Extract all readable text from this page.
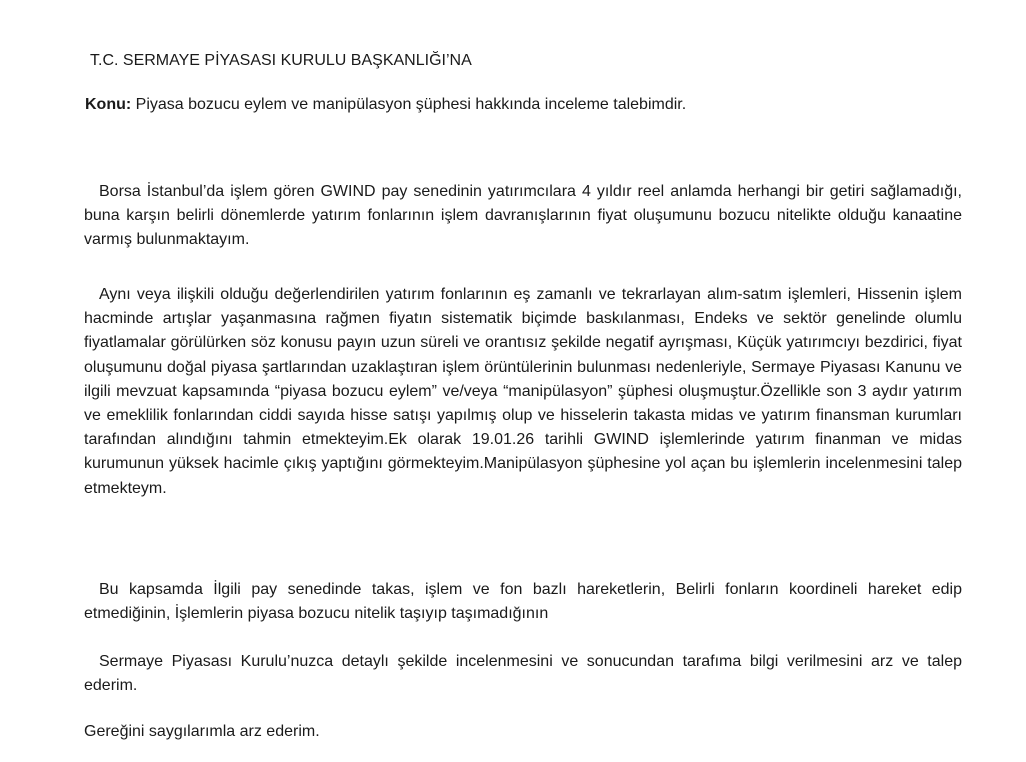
T.C. SERMAYE PİYASASI KURULU BAŞKANLIĞI’NA
Konu: Piyasa bozucu eylem ve manipülasyon şüphesi hakkında inceleme talebimdir.

Borsa İstanbul’da işlem gören GWIND pay senedinin yatırımcılara 4 yıldır reel anlamda herhangi bir getiri sağlamadığı, buna karşın belirli dönemlerde yatırım fonlarının işlem davranışlarının fiyat oluşumunu bozucu nitelikte olduğu kanaatine varmış bulunmaktayım.

Aynı veya ilişkili olduğu değerlendirilen yatırım fonlarının eş zamanlı ve tekrarlayan alım-satım işlemleri, Hissenin işlem hacminde artışlar yaşanmasına rağmen fiyatın sistematik biçimde baskılanması, Endeks ve sektör genelinde olumlu fiyatlamalar görülürken söz konusu payın uzun süreli ve orantısız şekilde negatif ayrışması, Küçük yatırımcıyı bezdirici, fiyat oluşumunu doğal piyasa şartlarından uzaklaştıran işlem örüntülerinin bulunması nedenleriyle, Sermaye Piyasası Kanunu ve ilgili mevzuat kapsamında “piyasa bozucu eylem” ve/veya “manipülasyon” şüphesi oluşmuştur.Özellikle son 3 aydır yatırım ve emeklilik fonlarından ciddi sayıda hisse satışı yapılmış olup ve hisselerin takasta midas ve yatırım finansman kurumları tarafından alındığını tahmin etmekteyim.Ek olarak 19.01.26 tarihli GWIND işlemlerinde yatırım finanman ve midas kurumunun yüksek hacimle çıkış yaptığını görmekteyim.Manipülasyon şüphesine yol açan bu işlemlerin incelenmesini talep etmekteym.

Bu kapsamda İlgili pay senedinde takas, işlem ve fon bazlı hareketlerin, Belirli fonların koordineli hareket edip etmediğinin, İşlemlerin piyasa bozucu nitelik taşıyıp taşımadığının

Sermaye Piyasası Kurulu’nuzca detaylı şekilde incelenmesini ve sonucundan tarafıma bilgi verilmesini arz ve talep ederim.

Gereğini saygılarımla arz ederim.
